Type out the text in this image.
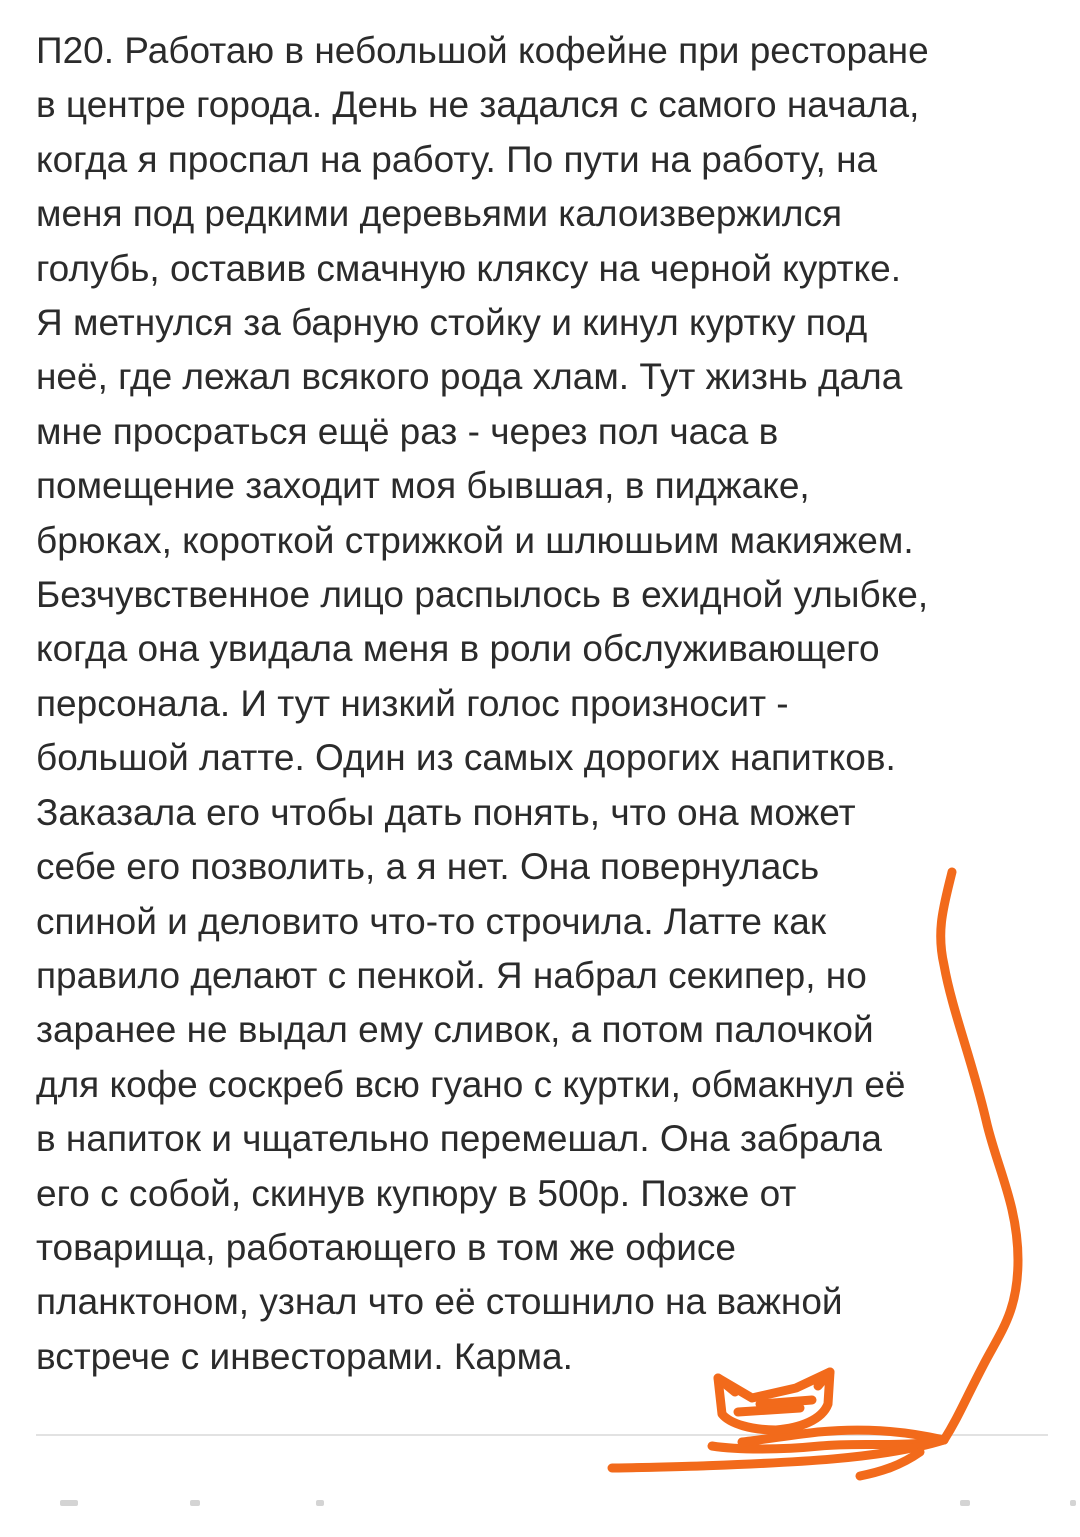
П20. Работаю в небольшой кофейне при ресторане
в центре города. День не задался с самого начала,
когда я проспал на работу. По пути на работу, на
меня под редкими деревьями калоизвержился
голубь, оставив смачную кляксу на черной куртке.
Я метнулся за барную стойку и кинул куртку под
неё, где лежал всякого рода хлам. Тут жизнь дала
мне просраться ещё раз - через пол часа в
помещение заходит моя бывшая, в пиджаке,
брюках, короткой стрижкой и шлюшьим макияжем.
Безчувственное лицо распылось в ехидной улыбке,
когда она увидала меня в роли обслуживающего
персонала. И тут низкий голос произносит -
большой латте. Один из самых дорогих напитков.
Заказала его чтобы дать понять, что она может
себе его позволить, а я нет. Она повернулась
спиной и деловито что-то строчила. Латте как
правило делают с пенкой. Я набрал секипер, но
заранее не выдал ему сливок, а потом палочкой
для кофе соскреб всю гуано с куртки, обмакнул её
в напиток и чщательно перемешал. Она забрала
его с собой, скинув купюру в 500р. Позже от
товарища, работающего в том же офисе
планктоном, узнал что её стошнило на важной
встрече с инвесторами. Карма.
